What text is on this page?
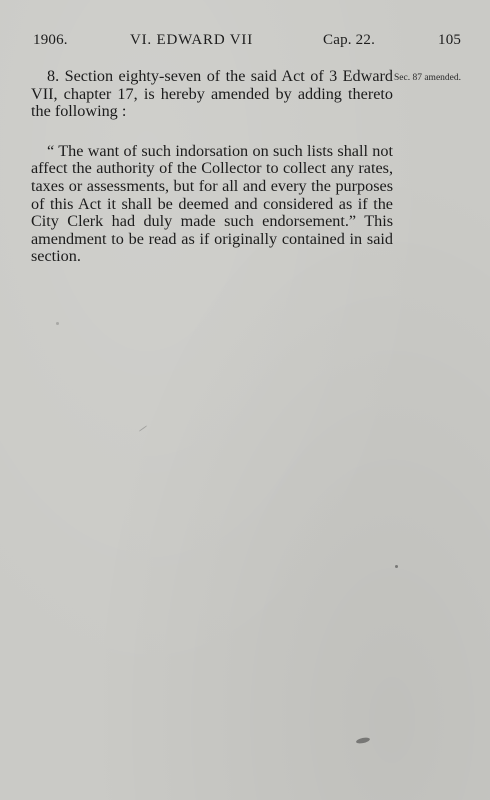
1906.	VI. EDWARD VII	Cap. 22.	105
Sec. 87 amended.

8. Section eighty-seven of the said Act of 3 Edward VII, chapter 17, is hereby amended by adding thereto the following :

“ The want of such indorsation on such lists shall not affect the authority of the Collector to collect any rates, taxes or assessments, but for all and every the purposes of this Act it shall be deemed and considered as if the City Clerk had duly made such endorsement.” This amendment to be read as if originally contained in said section.
